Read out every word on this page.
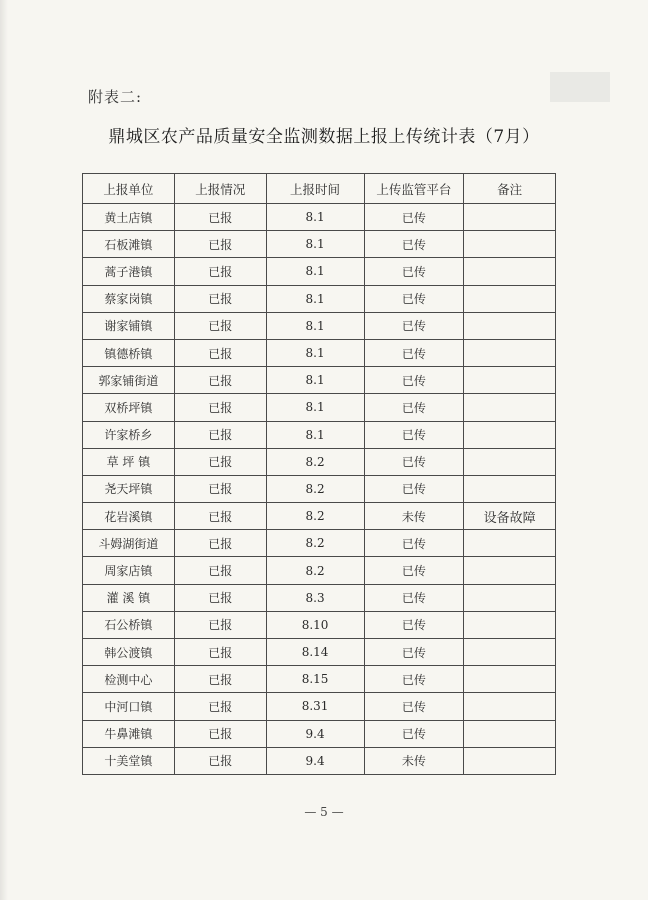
附表二:
鼎城区农产品质量安全监测数据上报上传统计表（7月）
上报单位	上报情况	上报时间	上传监管平台	备注
黄土店镇	已报	8.1	已传	
石板滩镇	已报	8.1	已传	
蒿子港镇	已报	8.1	已传	
蔡家岗镇	已报	8.1	已传	
谢家铺镇	已报	8.1	已传	
镇德桥镇	已报	8.1	已传	
郭家铺街道	已报	8.1	已传	
双桥坪镇	已报	8.1	已传	
许家桥乡	已报	8.1	已传	
草 坪 镇	已报	8.2	已传	
尧天坪镇	已报	8.2	已传	
花岩溪镇	已报	8.2	未传	设备故障
斗姆湖街道	已报	8.2	已传	
周家店镇	已报	8.2	已传	
灌 溪 镇	已报	8.3	已传	
石公桥镇	已报	8.10	已传	
韩公渡镇	已报	8.14	已传	
检测中心	已报	8.15	已传	
中河口镇	已报	8.31	已传	
牛鼻滩镇	已报	9.4	已传	
十美堂镇	已报	9.4	未传	
— 5 —
